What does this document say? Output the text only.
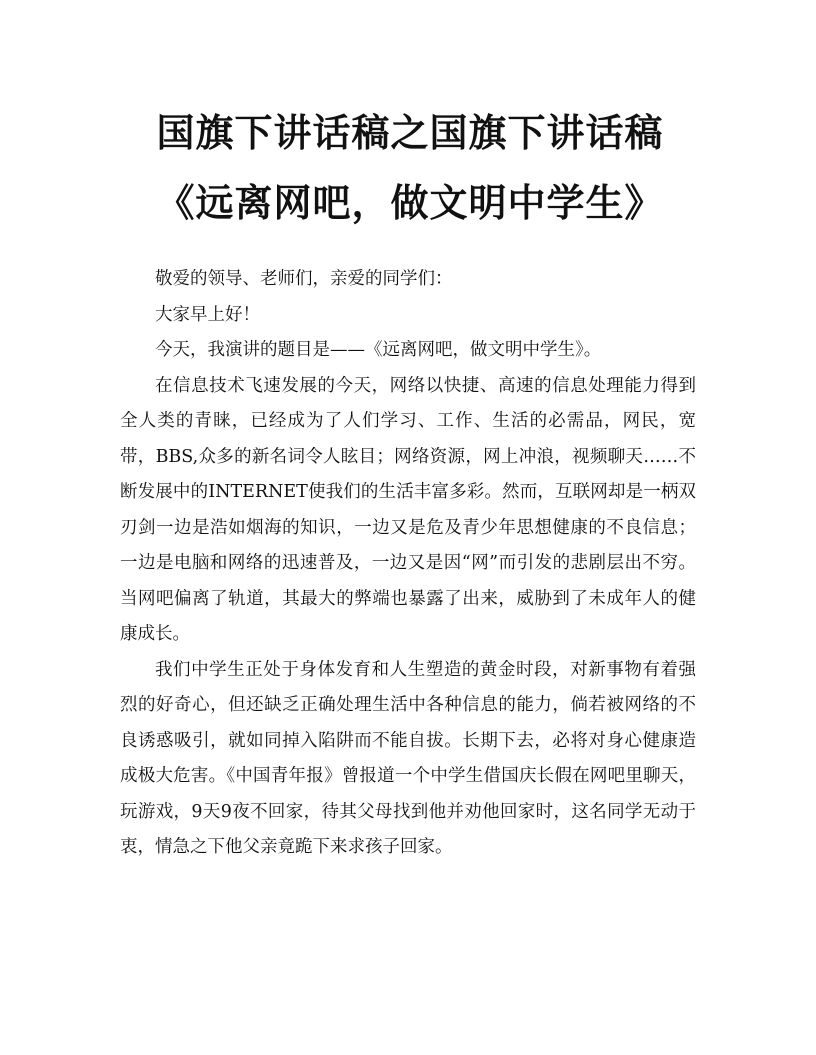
国旗下讲话稿之国旗下讲话稿《远离网吧，做文明中学生》

敬爱的领导、老师们，亲爱的同学们：

大家早上好！

今天，我演讲的题目是——《远离网吧，做文明中学生》。

在信息技术飞速发展的今天，网络以快捷、高速的信息处理能力得到全人类的青睐，已经成为了人们学习、工作、生活的必需品，网民，宽带，BBS,众多的新名词令人眩目；网络资源，网上冲浪，视频聊天……不断发展中的INTERNET使我们的生活丰富多彩。然而，互联网却是一柄双刃剑一边是浩如烟海的知识，一边又是危及青少年思想健康的不良信息；一边是电脑和网络的迅速普及，一边又是因“网”而引发的悲剧层出不穷。当网吧偏离了轨道，其最大的弊端也暴露了出来，威胁到了未成年人的健康成长。

我们中学生正处于身体发育和人生塑造的黄金时段，对新事物有着强烈的好奇心，但还缺乏正确处理生活中各种信息的能力，倘若被网络的不良诱惑吸引，就如同掉入陷阱而不能自拔。长期下去，必将对身心健康造成极大危害。《中国青年报》曾报道一个中学生借国庆长假在网吧里聊天，玩游戏，9天9夜不回家，待其父母找到他并劝他回家时，这名同学无动于衷，情急之下他父亲竟跪下来求孩子回家。
